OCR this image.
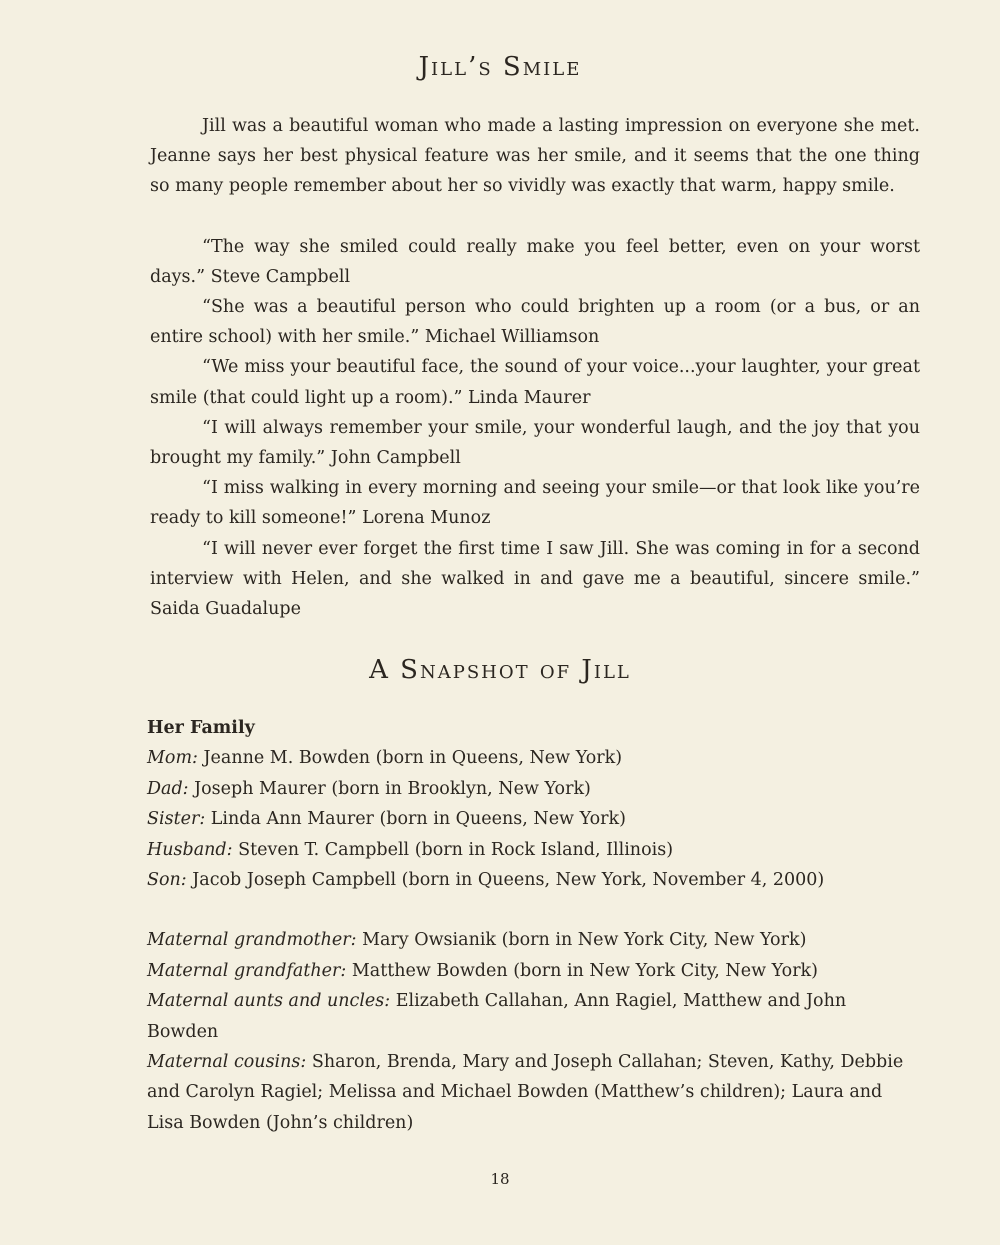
Jill’s Smile

Jill was a beautiful woman who made a lasting impression on everyone she met. Jeanne says her best physical feature was her smile, and it seems that the one thing so many people remember about her so vividly was exactly that warm, happy smile.

“The way she smiled could really make you feel better, even on your worst days.” Steve Campbell

“She was a beautiful person who could brighten up a room (or a bus, or an entire school) with her smile.” Michael Williamson

“We miss your beautiful face, the sound of your voice...your laughter, your great smile (that could light up a room).” Linda Maurer

“I will always remember your smile, your wonderful laugh, and the joy that you brought my family.” John Campbell

“I miss walking in every morning and seeing your smile—or that look like you’re ready to kill someone!” Lorena Munoz

“I will never ever forget the first time I saw Jill. She was coming in for a second interview with Helen, and she walked in and gave me a beautiful, sincere smile.” Saida Guadalupe

A Snapshot of Jill

Her Family

Mom: Jeanne M. Bowden (born in Queens, New York)

Dad: Joseph Maurer (born in Brooklyn, New York)

Sister: Linda Ann Maurer (born in Queens, New York)

Husband: Steven T. Campbell (born in Rock Island, Illinois)

Son: Jacob Joseph Campbell (born in Queens, New York, November 4, 2000)

Maternal grandmother: Mary Owsianik (born in New York City, New York)

Maternal grandfather: Matthew Bowden (born in New York City, New York)

Maternal aunts and uncles: Elizabeth Callahan, Ann Ragiel, Matthew and John Bowden

Maternal cousins: Sharon, Brenda, Mary and Joseph Callahan; Steven, Kathy, Debbie and Carolyn Ragiel; Melissa and Michael Bowden (Matthew’s children); Laura and Lisa Bowden (John’s children)

18
